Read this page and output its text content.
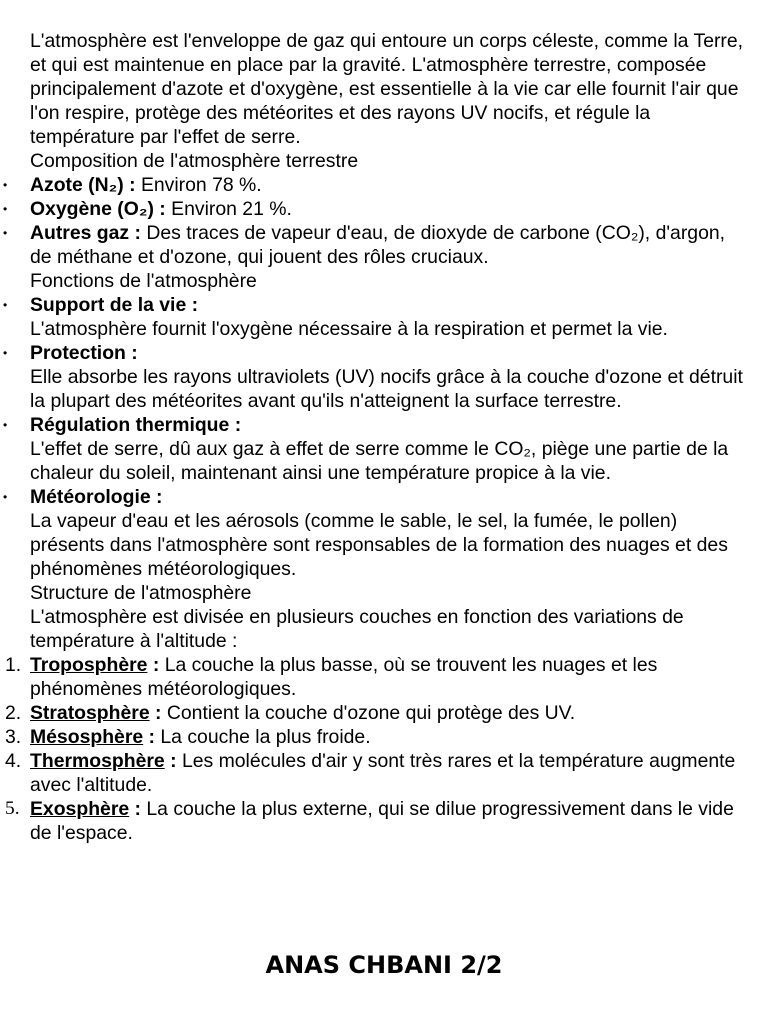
L'atmosphère est l'enveloppe de gaz qui entoure un corps céleste, comme la Terre, et qui est maintenue en place par la gravité. L'atmosphère terrestre, composée principalement d'azote et d'oxygène, est essentielle à la vie car elle fournit l'air que l'on respire, protège des météorites et des rayons UV nocifs, et régule la température par l'effet de serre.

Composition de l'atmosphère terrestre

• Azote (N₂) : Environ 78 %.
• Oxygène (O₂) : Environ 21 %.
• Autres gaz : Des traces de vapeur d'eau, de dioxyde de carbone (CO₂), d'argon, de méthane et d'ozone, qui jouent des rôles cruciaux.

Fonctions de l'atmosphère

• Support de la vie :
L'atmosphère fournit l'oxygène nécessaire à la respiration et permet la vie.
• Protection :
Elle absorbe les rayons ultraviolets (UV) nocifs grâce à la couche d'ozone et détruit la plupart des météorites avant qu'ils n'atteignent la surface terrestre.
• Régulation thermique :
L'effet de serre, dû aux gaz à effet de serre comme le CO₂, piège une partie de la chaleur du soleil, maintenant ainsi une température propice à la vie.
• Météorologie :
La vapeur d'eau et les aérosols (comme le sable, le sel, la fumée, le pollen) présents dans l'atmosphère sont responsables de la formation des nuages et des phénomènes météorologiques.

Structure de l'atmosphère

L'atmosphère est divisée en plusieurs couches en fonction des variations de température à l'altitude :

1. Troposphère : La couche la plus basse, où se trouvent les nuages et les phénomènes météorologiques.
2. Stratosphère : Contient la couche d'ozone qui protège des UV.
3. Mésosphère : La couche la plus froide.
4. Thermosphère : Les molécules d'air y sont très rares et la température augmente avec l'altitude.
5. Exosphère : La couche la plus externe, qui se dilue progressivement dans le vide de l'espace.
ANAS CHBANI 2/2
